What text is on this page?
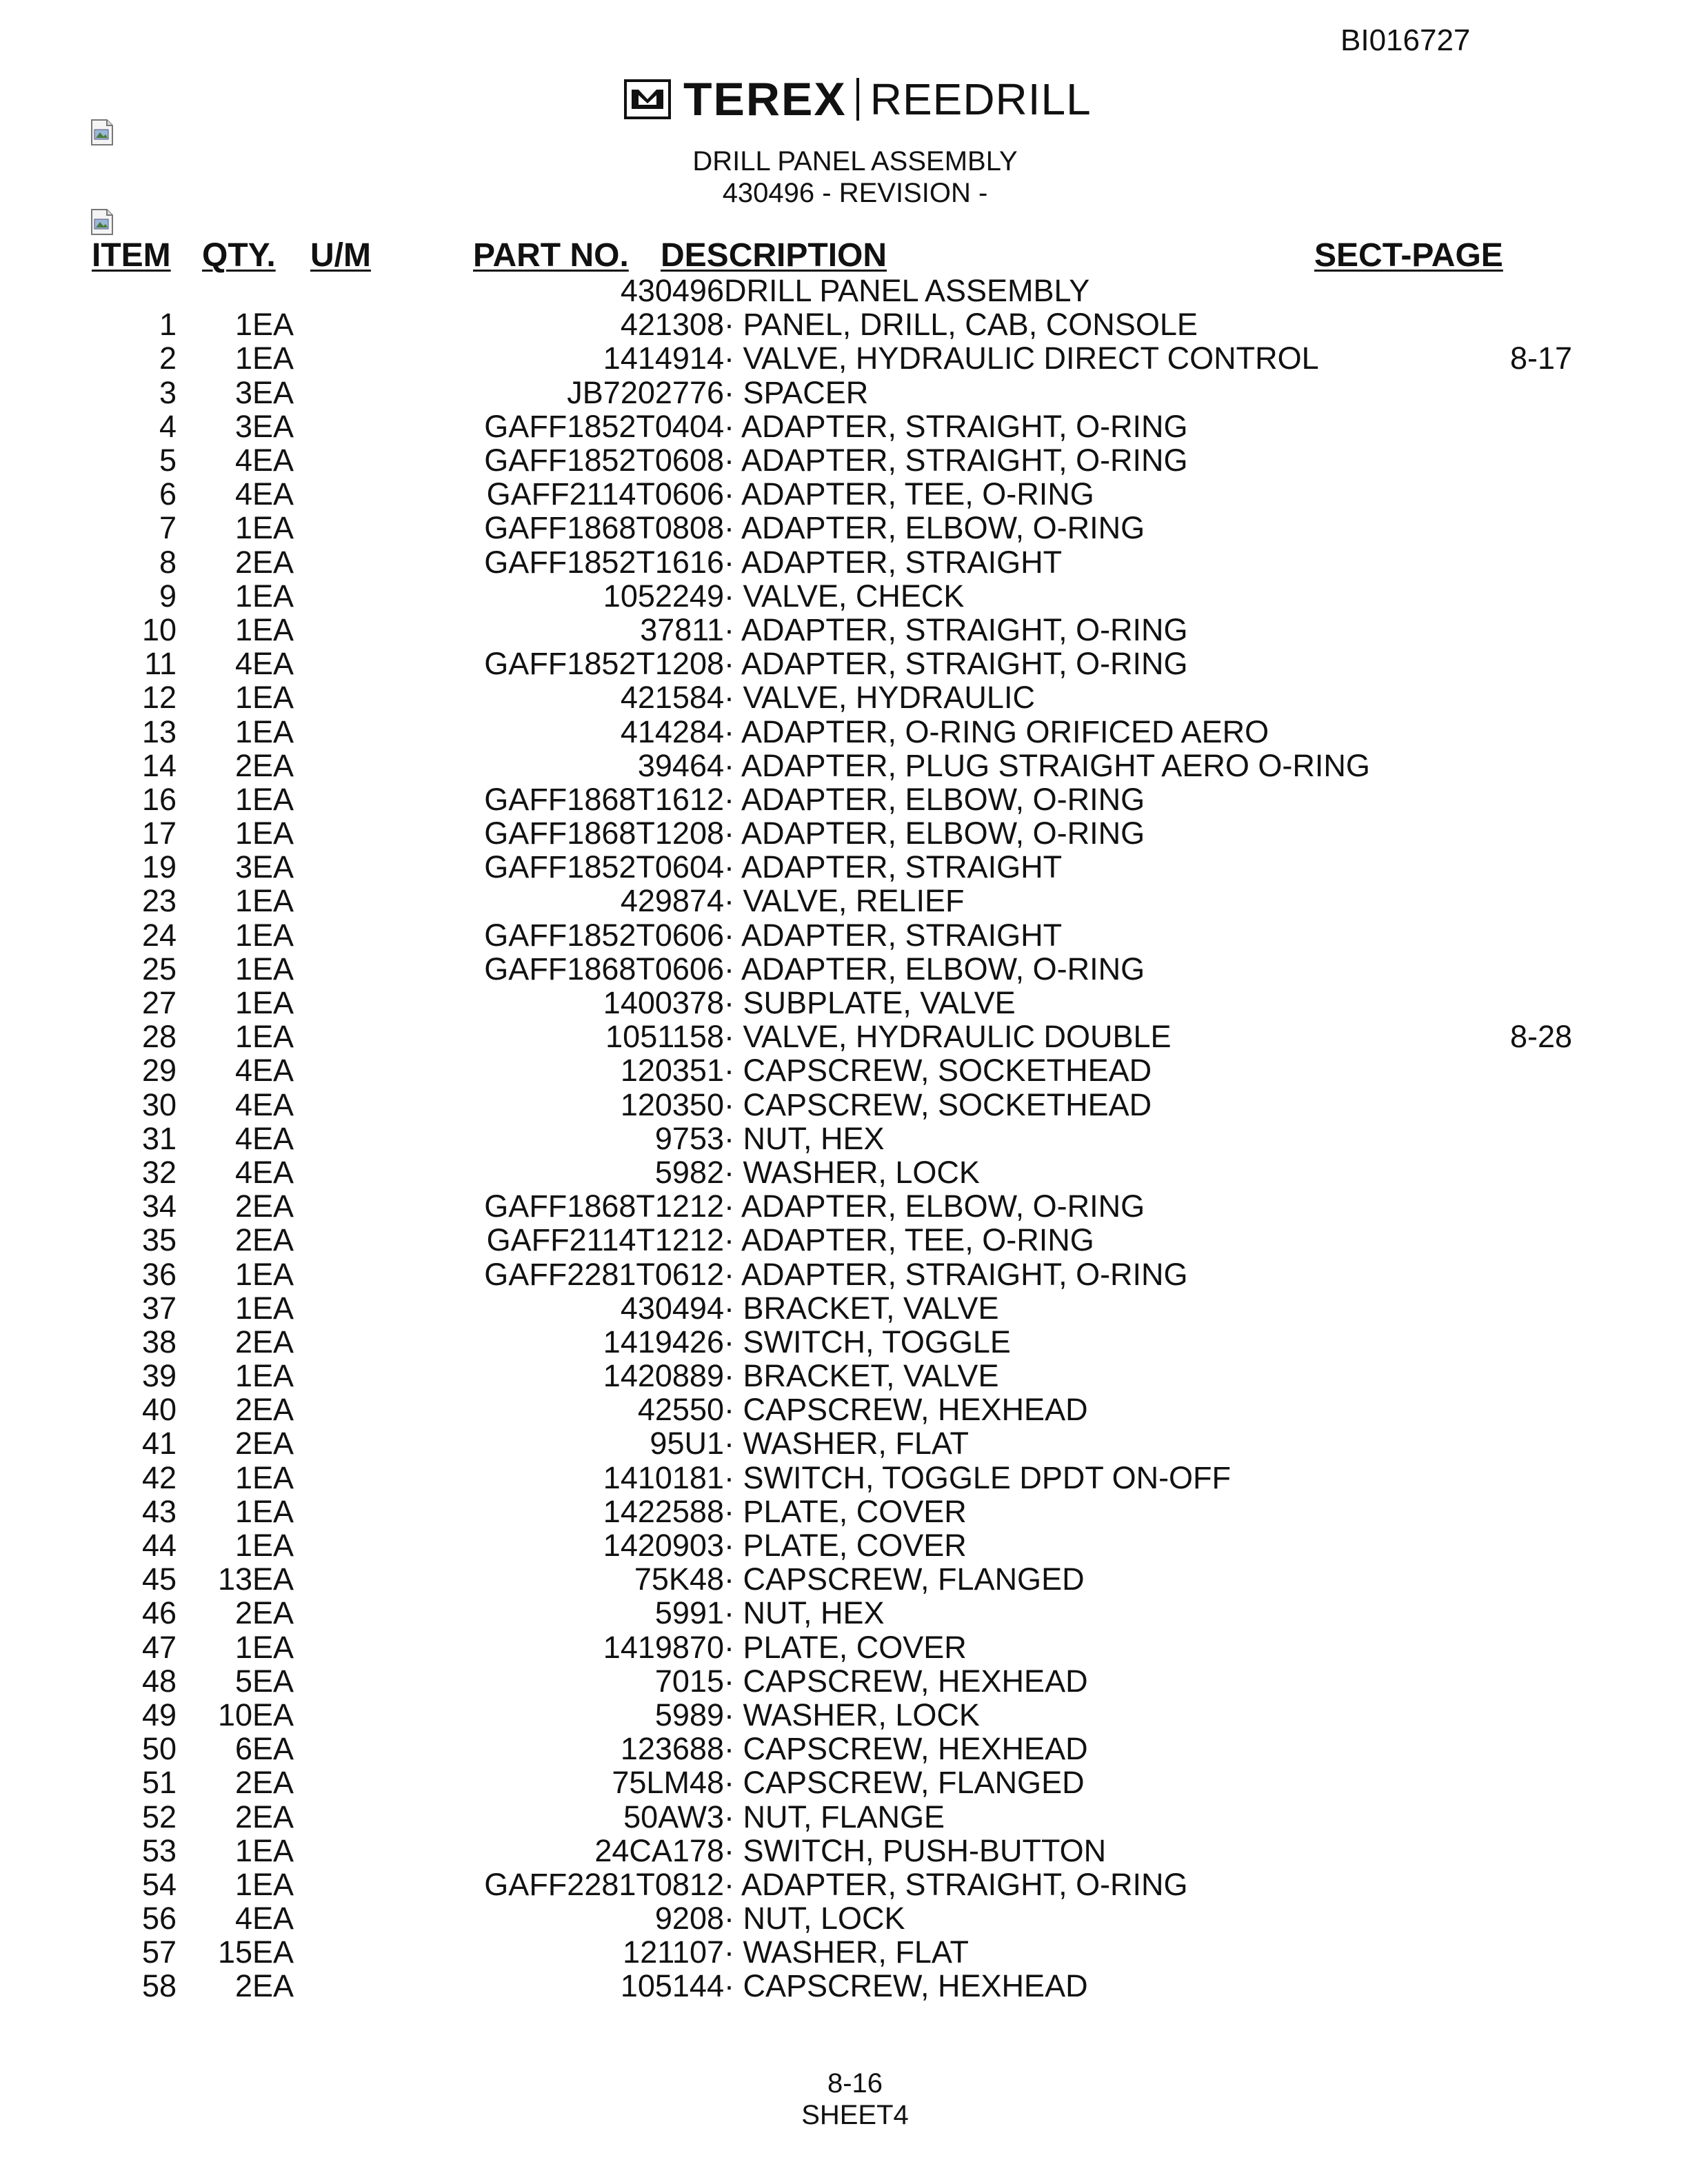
BI016727
TEREX REEDRILL
DRILL PANEL ASSEMBLY
430496 - REVISION -
ITEM QTY. U/M	PART NO. DESCRIPTION	SECT-PAGE
			430496	DRILL PANEL ASSEMBLY	
1	1	EA	421308	· PANEL, DRILL, CAB, CONSOLE	
2	1	EA	1414914	· VALVE, HYDRAULIC DIRECT CONTROL	8-17
3	3	EA	JB7202776	· SPACER	
4	3	EA	GAFF1852T0404	· ADAPTER, STRAIGHT, O-RING	
5	4	EA	GAFF1852T0608	· ADAPTER, STRAIGHT, O-RING	
6	4	EA	GAFF2114T0606	· ADAPTER, TEE, O-RING	
7	1	EA	GAFF1868T0808	· ADAPTER, ELBOW, O-RING	
8	2	EA	GAFF1852T1616	· ADAPTER, STRAIGHT	
9	1	EA	1052249	· VALVE, CHECK	
10	1	EA	37811	· ADAPTER, STRAIGHT, O-RING	
11	4	EA	GAFF1852T1208	· ADAPTER, STRAIGHT, O-RING	
12	1	EA	421584	· VALVE, HYDRAULIC	
13	1	EA	414284	· ADAPTER, O-RING ORIFICED AERO	
14	2	EA	39464	· ADAPTER, PLUG STRAIGHT AERO O-RING	
16	1	EA	GAFF1868T1612	· ADAPTER, ELBOW, O-RING	
17	1	EA	GAFF1868T1208	· ADAPTER, ELBOW, O-RING	
19	3	EA	GAFF1852T0604	· ADAPTER, STRAIGHT	
23	1	EA	429874	· VALVE, RELIEF	
24	1	EA	GAFF1852T0606	· ADAPTER, STRAIGHT	
25	1	EA	GAFF1868T0606	· ADAPTER, ELBOW, O-RING	
27	1	EA	1400378	· SUBPLATE, VALVE	
28	1	EA	1051158	· VALVE, HYDRAULIC DOUBLE	8-28
29	4	EA	120351	· CAPSCREW, SOCKETHEAD	
30	4	EA	120350	· CAPSCREW, SOCKETHEAD	
31	4	EA	9753	· NUT, HEX	
32	4	EA	5982	· WASHER, LOCK	
34	2	EA	GAFF1868T1212	· ADAPTER, ELBOW, O-RING	
35	2	EA	GAFF2114T1212	· ADAPTER, TEE, O-RING	
36	1	EA	GAFF2281T0612	· ADAPTER, STRAIGHT, O-RING	
37	1	EA	430494	· BRACKET, VALVE	
38	2	EA	1419426	· SWITCH, TOGGLE	
39	1	EA	1420889	· BRACKET, VALVE	
40	2	EA	42550	· CAPSCREW, HEXHEAD	
41	2	EA	95U1	· WASHER, FLAT	
42	1	EA	1410181	· SWITCH, TOGGLE DPDT ON-OFF	
43	1	EA	1422588	· PLATE, COVER	
44	1	EA	1420903	· PLATE, COVER	
45	13	EA	75K48	· CAPSCREW, FLANGED	
46	2	EA	5991	· NUT, HEX	
47	1	EA	1419870	· PLATE, COVER	
48	5	EA	7015	· CAPSCREW, HEXHEAD	
49	10	EA	5989	· WASHER, LOCK	
50	6	EA	123688	· CAPSCREW, HEXHEAD	
51	2	EA	75LM48	· CAPSCREW, FLANGED	
52	2	EA	50AW3	· NUT, FLANGE	
53	1	EA	24CA178	· SWITCH, PUSH-BUTTON	
54	1	EA	GAFF2281T0812	· ADAPTER, STRAIGHT, O-RING	
56	4	EA	9208	· NUT, LOCK	
57	15	EA	121107	· WASHER, FLAT	
58	2	EA	105144	· CAPSCREW, HEXHEAD	
8-16
SHEET4
